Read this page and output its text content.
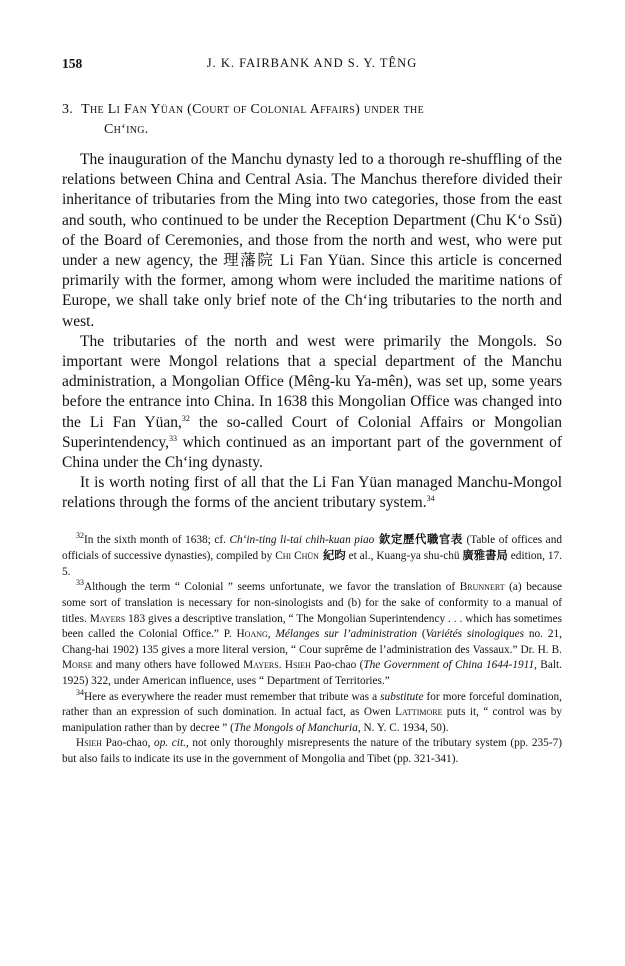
158	J. K. FAIRBANK AND S. Y. TÊNG
3. The Li Fan Yüan (Court of Colonial Affairs) under the
Ch‘ing.

The inauguration of the Manchu dynasty led to a thorough re-shuffling of the relations between China and Central Asia. The Manchus therefore divided their inheritance of tributaries from the Ming into two categories, those from the east and south, who continued to be under the Reception Department (Chu K‘o Ssŭ) of the Board of Ceremonies, and those from the north and west, who were put under a new agency, the 理藩院 Li Fan Yüan. Since this article is concerned primarily with the former, among whom were included the maritime nations of Europe, we shall take only brief note of the Ch‘ing tributaries to the north and west.

The tributaries of the north and west were primarily the Mongols. So important were Mongol relations that a special department of the Manchu administration, a Mongolian Office (Mêng-ku Ya-mên), was set up, some years before the entrance into China. In 1638 this Mongolian Office was changed into the Li Fan Yüan,$^{32}$ the so-called Court of Colonial Affairs or Mongolian Superintendency,$^{33}$ which continued as an important part of the government of China under the Ch‘ing dynasty.

It is worth noting first of all that the Li Fan Yüan managed Manchu-Mongol relations through the forms of the ancient tributary system.$^{34}$

$^{32}$In the sixth month of 1638; cf. Ch‘in-ting li-tai chih-kuan piao 欽定歷代職官表 (Table of offices and officials of successive dynasties), compiled by Chi Chün 紀昀 et al., Kuang-ya shu-chü 廣雅書局 edition, 17. 5.

$^{33}$Although the term “ Colonial ” seems unfortunate, we favor the translation of Brunnert (a) because some sort of translation is necessary for non-sinologists and (b) for the sake of conformity to a manual of titles. Mayers 183 gives a descriptive translation, “ The Mongolian Superintendency . . . which has sometimes been called the Colonial Office.” P. Hoang, Mélanges sur l’administration (Variétés sinologiques no. 21, Chang-hai 1902) 135 gives a more literal version, “ Cour suprême de l’administration des Vassaux.” Dr. H. B. Morse and many others have followed Mayers. Hsieh Pao-chao (The Government of China 1644-1911, Balt. 1925) 322, under American influence, uses “ Department of Territories.”

$^{34}$Here as everywhere the reader must remember that tribute was a substitute for more forceful domination, rather than an expression of such domination. In actual fact, as Owen Lattimore puts it, “ control was by manipulation rather than by decree ” (The Mongols of Manchuria, N. Y. C. 1934, 50).

Hsieh Pao-chao, op. cit., not only thoroughly misrepresents the nature of the tributary system (pp. 235-7) but also fails to indicate its use in the government of Mongolia and Tibet (pp. 321-341).
